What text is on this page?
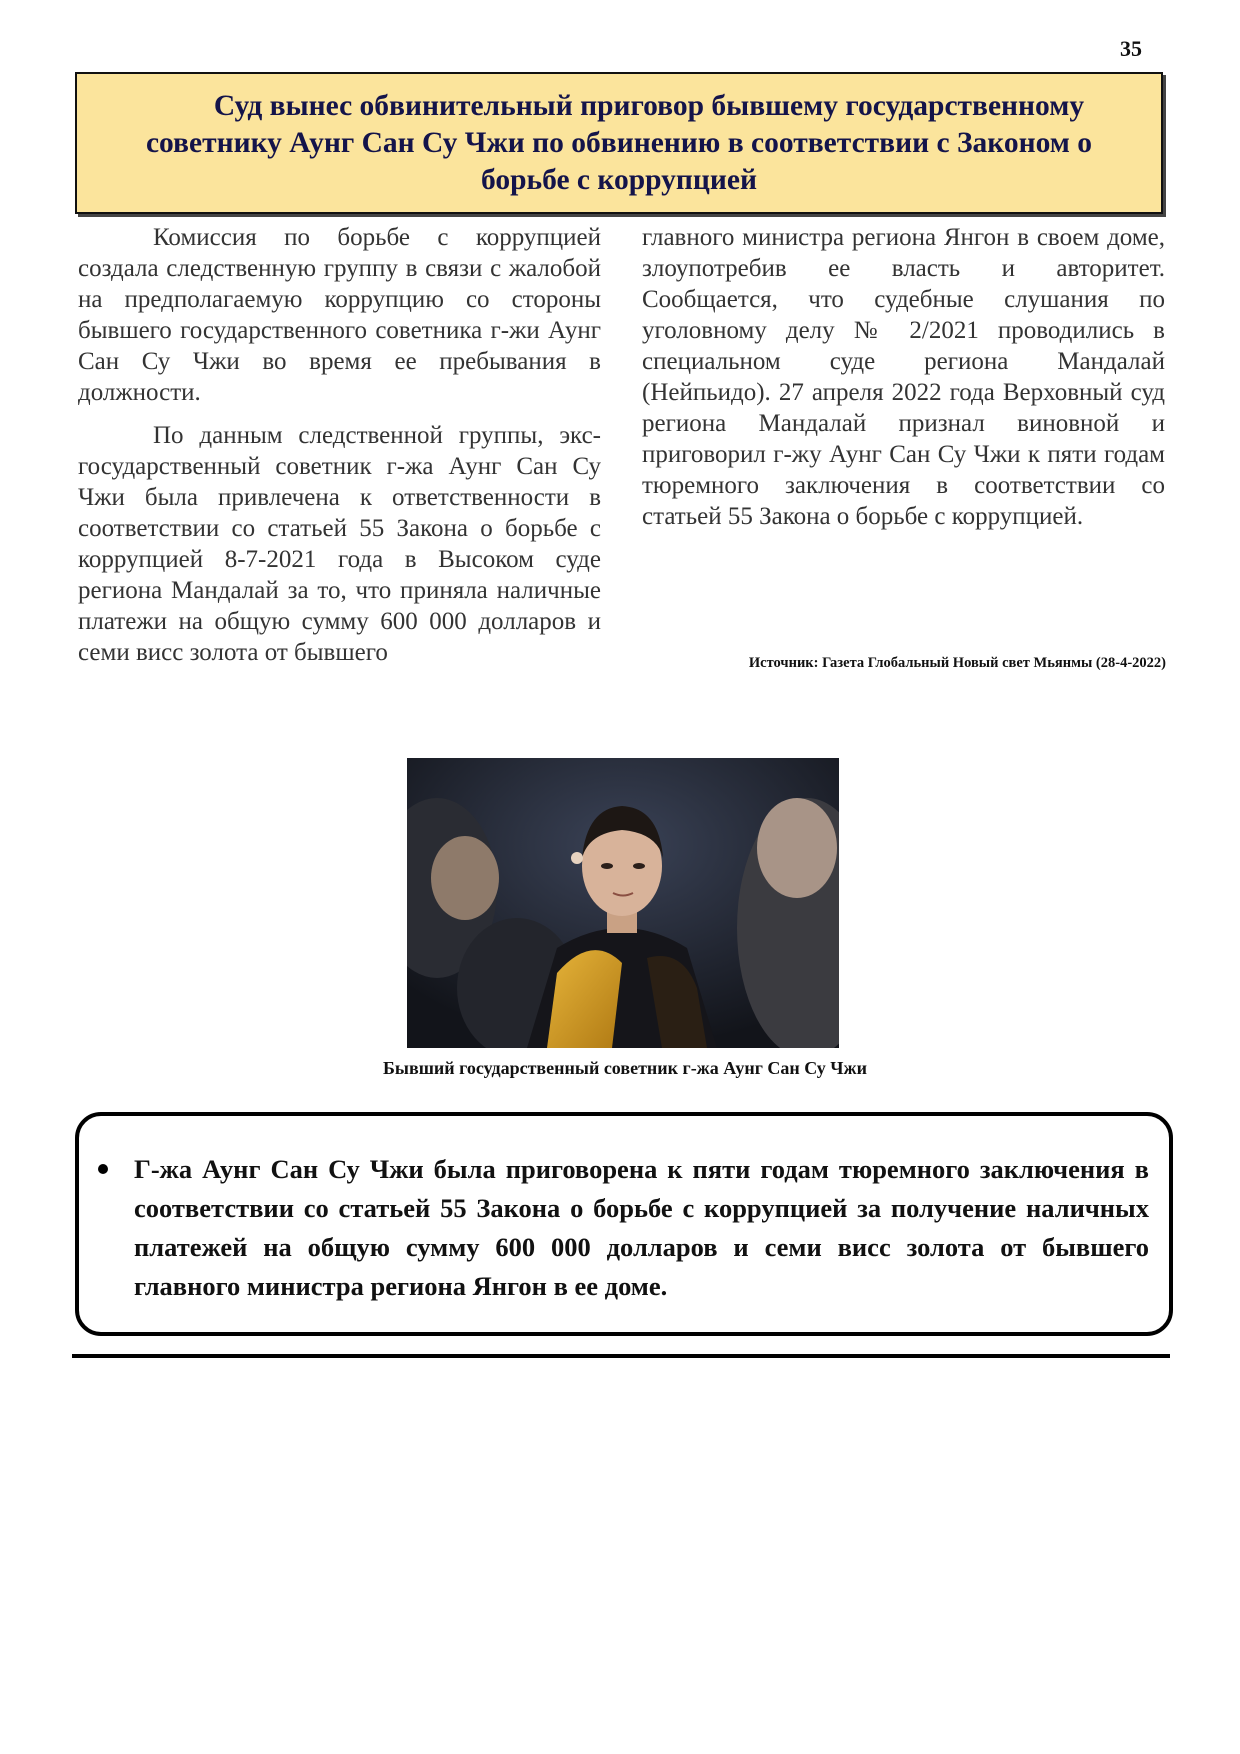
35
Суд вынес обвинительный приговор бывшему государственному советнику Аунг Сан Су Чжи по обвинению в соответствии с Законом о борьбе с коррупцией

Комиссия по борьбе с коррупцией создала следственную группу в связи с жалобой на предполагаемую коррупцию со стороны бывшего государственного советника г-жи Аунг Сан Су Чжи во время ее пребывания в должности.

По данным следственной группы, экс-государственный советник г-жа Аунг Сан Су Чжи была привлечена к ответственности в соответствии со статьей 55 Закона о борьбе с коррупцией 8-7-2021 года в Высоком суде региона Мандалай за то, что приняла наличные платежи на общую сумму 600 000 долларов и семи висс золота от бывшего

главного министра региона Янгон в своем доме, злоупотребив ее власть и авторитет. Сообщается, что судебные слушания по уголовному делу № 2/2021 проводились в специальном суде региона Мандалай (Нейпьидо). 27 апреля 2022 года Верховный суд региона Мандалай признал виновной и приговорил г-жу Аунг Сан Су Чжи к пяти годам тюремного заключения в соответствии со статьей 55 Закона о борьбе с коррупцией.

Источник: Газета Глобальный Новый свет Мьянмы (28-4-2022)
Бывший государственный советник г-жа Аунг Сан Су Чжи
Г-жа Аунг Сан Су Чжи была приговорена к пяти годам тюремного заключения в соответствии со статьей 55 Закона о борьбе с коррупцией за получение наличных платежей на общую сумму 600 000 долларов и семи висс золота от бывшего главного министра региона Янгон в ее доме.
